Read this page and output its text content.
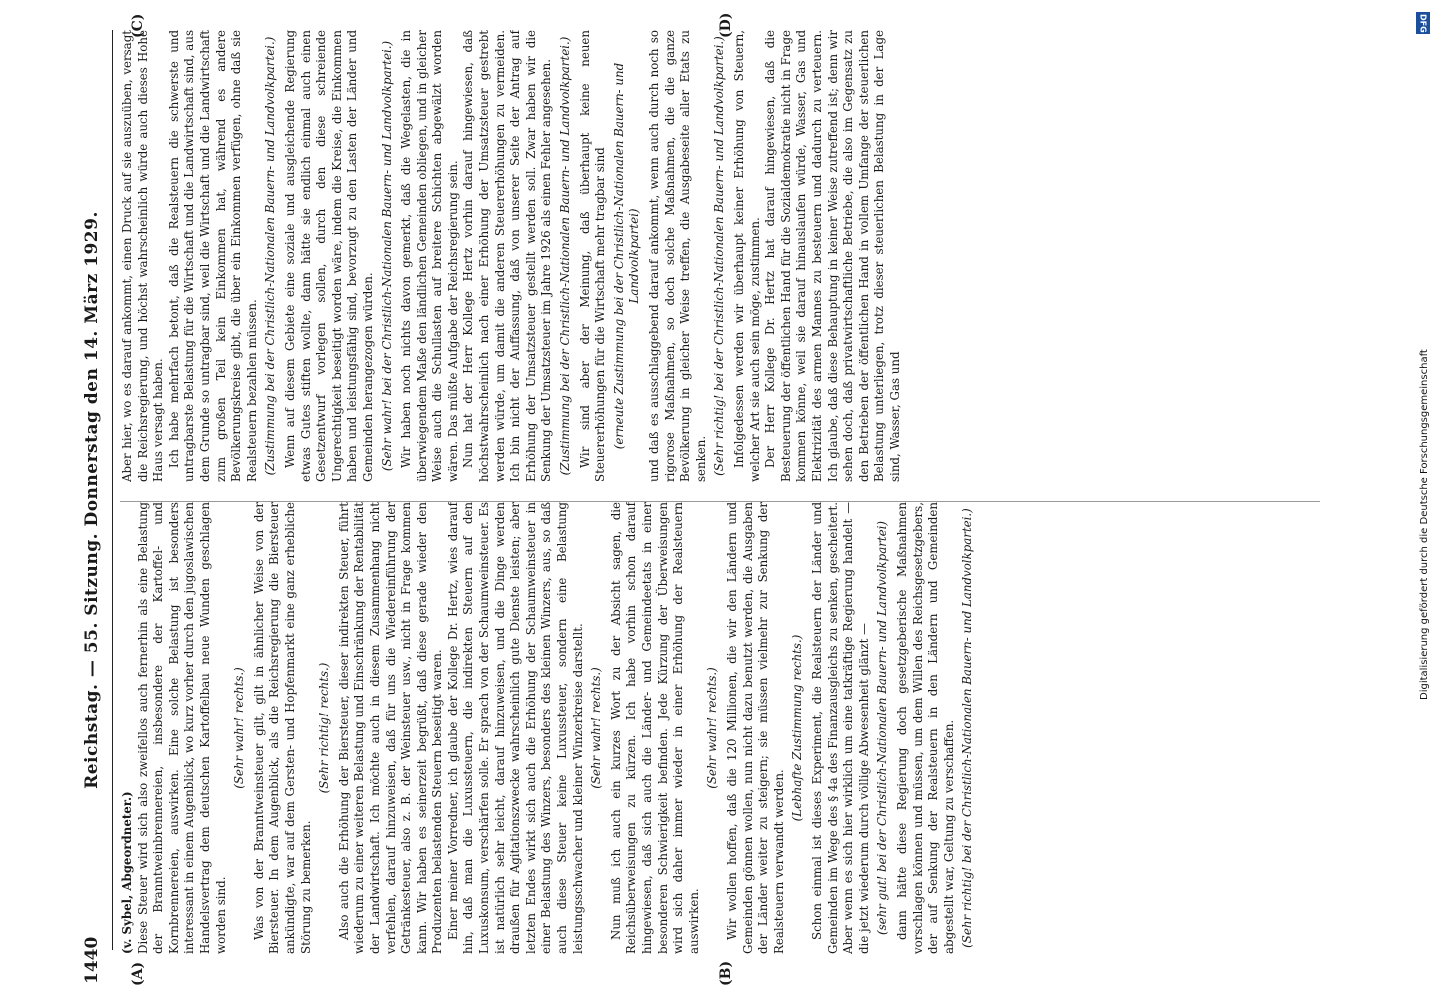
1440
Reichstag. — 55. Sitzung. Donnerstag den 14. März 1929.
(A)	(B)
(C)	(D)

(v. Sybel, Abgeordneter.) Diese Steuer wird sich also zweifellos auch fernerhin als eine Belastung der Branntweinbrennereien, insbesondere der Kartoffel- und Kornbrennereien, auswirken. Eine solche Belastung ist besonders interessant in einem Augenblick, wo kurz vorher durch den jugoslawischen Handelsvertrag dem deutschen Kartoffelbau neue Wunden geschlagen worden sind.

(Sehr wahr! rechts.) Was von der Branntweinsteuer gilt, gilt in ähnlicher Weise von der Biersteuer. In dem Augenblick, als die Reichsregierung die Biersteuer ankündigte, war auf dem Gersten- und Hopfenmarkt eine ganz erhebliche Störung zu bemerken.

(Sehr richtig! rechts.) Also auch die Erhöhung der Biersteuer, dieser indirekten Steuer, führt wiederum zu einer weiteren Belastung und Einschränkung der Rentabilität der Landwirtschaft. Ich möchte auch in diesem Zusammenhang nicht verfehlen, darauf hinzuweisen, daß für uns die Wiedereinführung der Getränkesteuer, also z. B. der Weinsteuer usw., nicht in Frage kommen kann. Wir haben es seinerzeit begrüßt, daß diese gerade wieder den Produzenten belastenden Steuern beseitigt waren. Einer meiner Vorredner, ich glaube der Kollege Dr. Hertz, wies darauf hin, daß man die Luxussteuern, die indirekten Steuern auf den Luxuskonsum, verschärfen solle. Er sprach von der Schaumweinsteuer. Es ist natürlich sehr leicht, darauf hinzuweisen, und die Dinge werden draußen für Agitationszwecke wahrscheinlich gute Dienste leisten; aber letzten Endes wirkt sich auch die Erhöhung der Schaumweinsteuer in einer Belastung des Winzers, besonders des kleinen Winzers, aus, so daß auch diese Steuer keine Luxussteuer, sondern eine Belastung leistungsschwacher und kleiner Winzerkreise darstellt. (Sehr wahr! rechts.) Nun muß ich auch ein kurzes Wort zu der Absicht sagen, die Reichsüberweisungen zu kürzen. Ich habe vorhin schon darauf hingewiesen, daß sich auch die Länder- und Gemeindeetats in einer besonderen Schwierigkeit befinden. Jede Kürzung der Überweisungen wird sich daher immer wieder in einer Erhöhung der Realsteuern auswirken.

(Sehr wahr! rechts.) Wir wollen hoffen, daß die 120 Millionen, die wir den Ländern und Gemeinden gönnen wollen, nun nicht dazu benutzt werden, die Ausgaben der Länder weiter zu steigern; sie müssen vielmehr zur Senkung der Realsteuern verwandt werden.

(Lebhafte Zustimmung rechts.) Schon einmal ist dieses Experiment, die Realsteuern der Länder und Gemeinden im Wege des § 4a des Finanzausgleichs zu senken, gescheitert. Aber wenn es sich hier wirklich um eine tatkräftige Regierung handelt — die jetzt wiederum durch völlige Abwesenheit glänzt — (sehr gut! bei der Christlich-Nationalen Bauern- und Landvolkpartei) dann hätte diese Regierung doch gesetzgeberische Maßnahmen vorschlagen können und müssen, um dem Willen des Reichsgesetzgebers, der auf Senkung der Realsteuern in den Ländern und Gemeinden abgestellt war, Geltung zu verschaffen. (Sehr richtig! bei der Christlich-Nationalen Bauern- und Landvolkpartei.)

Aber hier, wo es darauf ankommt, einen Druck auf sie auszuüben, versagt die Reichsregierung, und höchst wahrscheinlich würde auch dieses Hohe Haus versagt haben. Ich habe mehrfach betont, daß die Realsteuern die schwerste und untragbarste Belastung für die Wirtschaft und die Landwirtschaft sind, aus dem Grunde so untragbar sind, weil die Wirtschaft und die Landwirtschaft zum großen Teil kein Einkommen hat, während es andere Bevölkerungskreise gibt, die über ein Einkommen verfügen, ohne daß sie Realsteuern bezahlen müssen. (Zustimmung bei der Christlich-Nationalen Bauern- und Landvolkpartei.) Wenn auf diesem Gebiete eine soziale und ausgleichende Regierung etwas Gutes stiften wollte, dann hätte sie endlich einmal auch einen Gesetzentwurf vorlegen sollen, durch den diese schreiende Ungerechtigkeit beseitigt worden wäre, indem die Kreise, die Einkommen haben und leistungsfähig sind, bevorzugt zu den Lasten der Länder und Gemeinden herangezogen würden. (Sehr wahr! bei der Christlich-Nationalen Bauern- und Landvolkpartei.) Wir haben noch nichts davon gemerkt, daß die Wegelasten, die in überwiegendem Maße den ländlichen Gemeinden obliegen, und in gleicher Weise auch die Schullasten auf breitere Schichten abgewälzt worden wären. Das müßte Aufgabe der Reichsregierung sein. Nun hat der Herr Kollege Hertz vorhin darauf hingewiesen, daß höchstwahrscheinlich nach einer Erhöhung der Umsatzsteuer gestrebt werden würde, um damit die anderen Steuererhöhungen zu vermeiden. Ich bin nicht der Auffassung, daß von unserer Seite der Antrag auf Erhöhung der Umsatzsteuer gestellt werden soll. Zwar haben wir die Senkung der Umsatzsteuer im Jahre 1926 als einen Fehler angesehen. (Zustimmung bei der Christlich-Nationalen Bauern- und Landvolkpartei.) Wir sind aber der Meinung, daß überhaupt keine neuen Steuererhöhungen für die Wirtschaft mehr tragbar sind (erneute Zustimmung bei der Christlich-Nationalen Bauern- und Landvolkpartei) und daß es ausschlaggebend darauf ankommt, wenn auch durch noch so rigorose Maßnahmen, so doch solche Maßnahmen, die die ganze Bevölkerung in gleicher Weise treffen, die Ausgabeseite aller Etats zu senken. (Sehr richtig! bei der Christlich-Nationalen Bauern- und Landvolkpartei.) Infolgedessen werden wir überhaupt keiner Erhöhung von Steuern, welcher Art sie auch sein möge, zustimmen. Der Herr Kollege Dr. Hertz hat darauf hingewiesen, daß die Besteuerung der öffentlichen Hand für die Sozialdemokratie nicht in Frage kommen könne, weil sie darauf hinauslaufen würde, Wasser, Gas und Elektrizität des armen Mannes zu besteuern und dadurch zu verteuern. Ich glaube, daß diese Behauptung in keiner Weise zutreffend ist; denn wir sehen doch, daß privatwirtschaftliche Betriebe, die also im Gegensatz zu den Betrieben der öffentlichen Hand in vollem Umfange der steuerlichen Belastung unterliegen, trotz dieser steuerlichen Belastung in der Lage sind, Wasser, Gas und

DFG
Digitalisierung gefördert durch die Deutsche Forschungsgemeinschaft
